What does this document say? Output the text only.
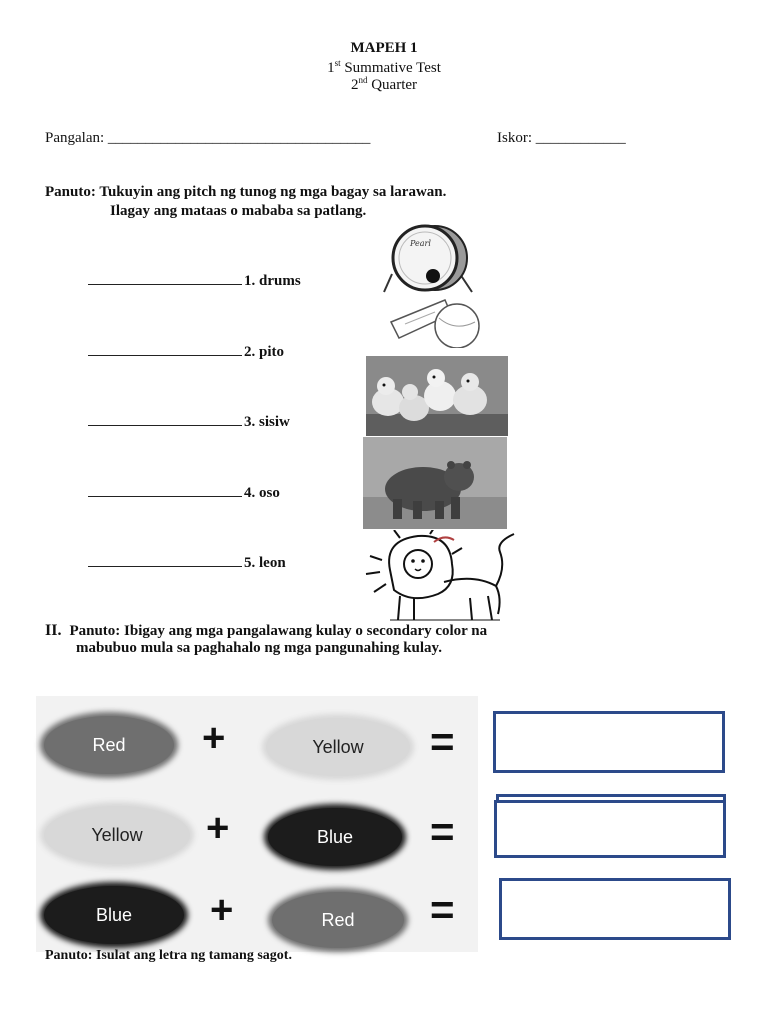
MAPEH 1
1st Summative Test
2nd Quarter
Pangalan: ___________________________________	Iskor: ____________
Panuto: Tukuyin ang pitch ng tunog ng mga bagay sa larawan.
Ilagay ang mataas o mababa sa patlang.
1. drums
2. pito
3. sisiw
4. oso
5. leon
Pearl
II. Panuto: Ibigay ang mga pangalawang kulay o secondary color na
mabubuo mula sa paghahalo ng mga pangunahing kulay.
Red +	Yellow =
Yellow +	Blue =
Blue +	Red =
Panuto: Isulat ang letra ng tamang sagot.
